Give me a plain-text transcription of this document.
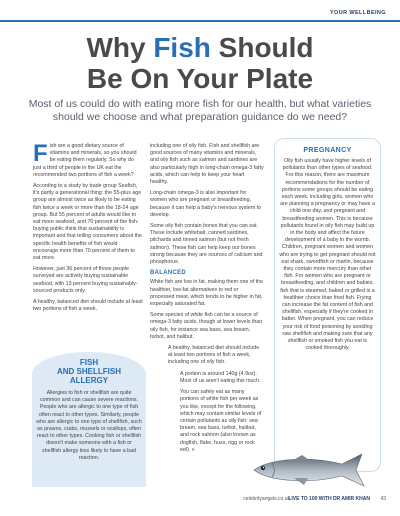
YOUR WELLBEING
Why Fish Should
Be On Your Plate
Most of us could do with eating more fish for our health, but what varieties should we choose and what preparation guidance do we need?

Fish are a good dietary source of vitamins and minerals, so you should be eating them regularly. So why do just a third of people in the UK eat the recommended two portions of fish a week?

According to a study by trade group Seafish, it's partly a generational thing: the 55-plus age group are almost twice as likely to be eating fish twice a week or more than the 18-24 age group. But 55 percent of adults would like to eat more seafood, and 70 percent of the fish-buying public think that sustainability is important and that telling consumers about the specific health benefits of fish would encourage more than 70 percent of them to eat more.

However, just 36 percent of those people surveyed are actively buying sustainable seafood, with 13 percent buying sustainably-sourced products only.

A healthy, balanced diet should include at least two portions of fish a week,

including one of oily fish. Fish and shellfish are good sources of many vitamins and minerals, and oily fish such as salmon and sardines are also particularly high in long-chain omega-3 fatty acids, which can help to keep your heart healthy.

Long-chain omega-3 is also important for women who are pregnant or breastfeeding, because it can help a baby's nervous system to develop.

Some oily fish contain bones that you can eat. These include whitebait, canned sardines, pilchards and tinned salmon (but not fresh salmon). These fish can help keep our bones strong because they are sources of calcium and phosphorus.

BALANCED

White fish are low in fat, making them one of the healthier, low-fat alternatives to red or processed meat, which tends to be higher in fat, especially saturated fat.

Some species of white fish can be a source of omega-3 fatty acids, though at lower levels than oily fish, for instance sea bass, sea bream, turbot, and halibut.

A healthy, balanced diet should include at least two portions of fish a week, including one of oily fish.

A portion is around 140g (4.9oz). Most of us aren't eating this much.

You can safely eat as many portions of white fish per week as you like, except for the following, which may contain similar levels of certain pollutants as oily fish: sea bream, sea bass, turbot, halibut, and rock salmon (also known as dogfish, flake, huss, rigg or rock eel). »

FISH
AND SHELLFISH
ALLERGY
Allergies to fish or shellfish are quite common and can cause severe reactions. People who are allergic to one type of fish often react to other types. Similarly, people who are allergic to one type of shellfish, such as prawns, crabs, mussels or scallops, often react to other types. Cooking fish or shellfish doesn't make someone with a fish or shellfish allergy less likely to have a bad reaction.
PREGNANCY
Oily fish usually have higher levels of pollutants than other types of seafood. For this reason, there are maximum recommendations for the number of portions some groups should be eating each week, including girls, women who are planning a pregnancy or may have a child one day, and pregnant and breastfeeding women. This is because pollutants found in oily fish may build up in the body and affect the future development of a baby in the womb. Children, pregnant women and women who are trying to get pregnant should not eat shark, swordfish or marlin, because they contain more mercury than other fish. For women who are pregnant or breastfeeding, and children and babies, fish that is steamed, baked or grilled is a healthier choice than fried fish. Frying can increase the fat content of fish and shellfish, especially if they're cooked in batter. When pregnant, you can reduce your risk of food poisoning by avoiding raw shellfish and making sure that any shellfish or smoked fish you eat is cooked thoroughly.
celebrityangels.co.uk
LIVE TO 100 WITH DR AMIR KHAN 43
